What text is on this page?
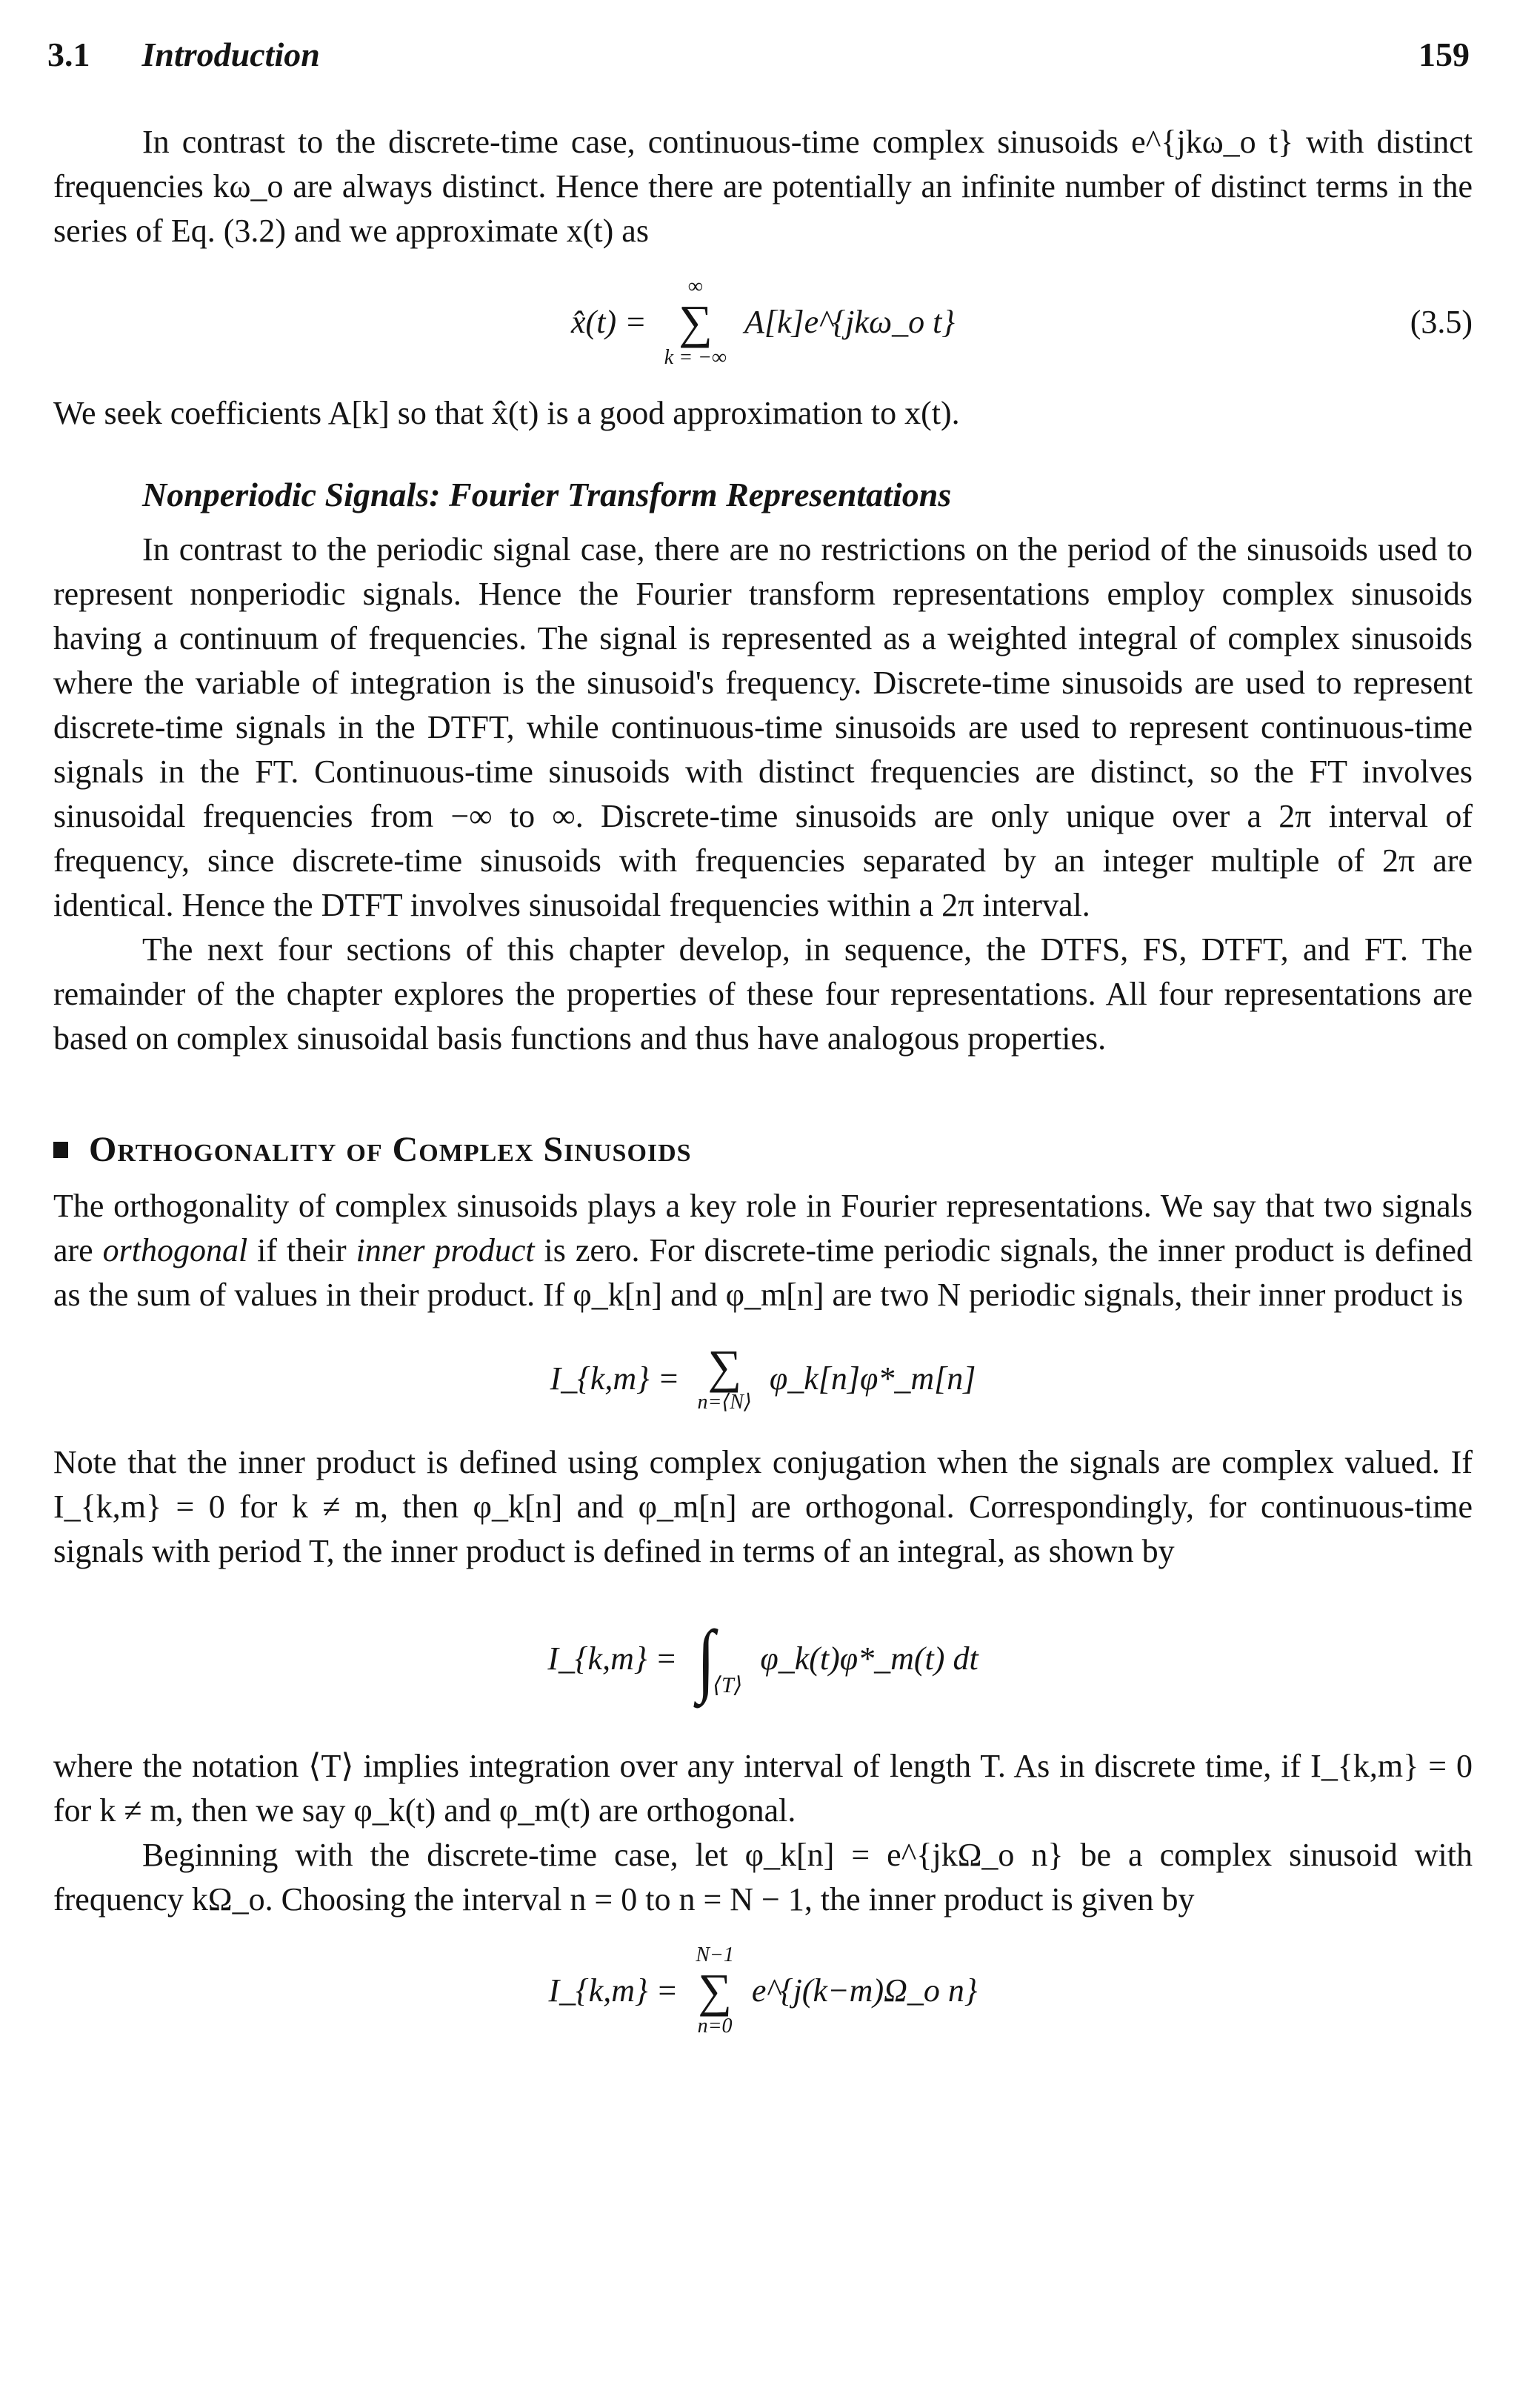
3.1 Introduction	159

In contrast to the discrete-time case, continuous-time complex sinusoids e^{jkω_o t} with distinct frequencies kω_o are always distinct. Hence there are potentially an infinite number of distinct terms in the series of Eq. (3.2) and we approximate x(t) as

x̂(t) =
∞
∑
k = −∞
A[k]e^{jkω_o t}	(3.5)

We seek coefficients A[k] so that x̂(t) is a good approximation to x(t).

Nonperiodic Signals: Fourier Transform Representations

In contrast to the periodic signal case, there are no restrictions on the period of the sinusoids used to represent nonperiodic signals. Hence the Fourier transform representations employ complex sinusoids having a continuum of frequencies. The signal is represented as a weighted integral of complex sinusoids where the variable of integration is the sinusoid's frequency. Discrete-time sinusoids are used to represent discrete-time signals in the DTFT, while continuous-time sinusoids are used to represent continuous-time signals in the FT. Continuous-time sinusoids with distinct frequencies are distinct, so the FT involves sinusoidal frequencies from −∞ to ∞. Discrete-time sinusoids are only unique over a 2π interval of frequency, since discrete-time sinusoids with frequencies separated by an integer multiple of 2π are identical. Hence the DTFT involves sinusoidal frequencies within a 2π interval.

The next four sections of this chapter develop, in sequence, the DTFS, FS, DTFT, and FT. The remainder of the chapter explores the properties of these four representations. All four representations are based on complex sinusoidal basis functions and thus have analogous properties.

Orthogonality of Complex Sinusoids

The orthogonality of complex sinusoids plays a key role in Fourier representations. We say that two signals are orthogonal if their inner product is zero. For discrete-time periodic signals, the inner product is defined as the sum of values in their product. If φ_k[n] and φ_m[n] are two N periodic signals, their inner product is

I_{k,m} = ∑
n=⟨N⟩
φ_k[n]φ*_m[n]

Note that the inner product is defined using complex conjugation when the signals are complex valued. If I_{k,m} = 0 for k ≠ m, then φ_k[n] and φ_m[n] are orthogonal. Correspondingly, for continuous-time signals with period T, the inner product is defined in terms of an integral, as shown by

I_{k,m} = ∫
⟨T⟩
φ_k(t)φ*_m(t) dt

where the notation ⟨T⟩ implies integration over any interval of length T. As in discrete time, if I_{k,m} = 0 for k ≠ m, then we say φ_k(t) and φ_m(t) are orthogonal.

Beginning with the discrete-time case, let φ_k[n] = e^{jkΩ_o n} be a complex sinusoid with frequency kΩ_o. Choosing the interval n = 0 to n = N − 1, the inner product is given by

I_{k,m} =
N−1
∑
n=0
e^{j(k−m)Ω_o n}
